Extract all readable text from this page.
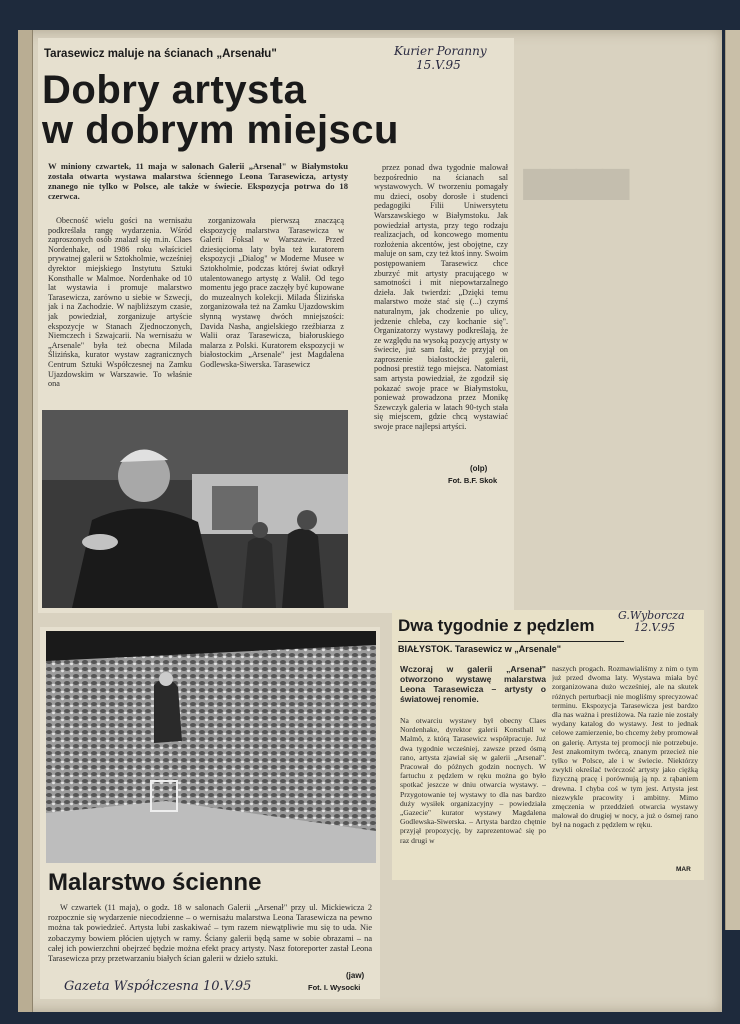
▆▆▆▆
Tarasewicz maluje na ścianach „Arsenału"	Kurier Poranny
15.V.95
Dobry artysta
w dobrym miejscu
W miniony czwartek, 11 maja w salonach Galerii „Arsenał" w Białymstoku została otwarta wystawa malarstwa ściennego Leona Tarasewicza, artysty znanego nie tylko w Polsce, ale także w świecie. Ekspozycja potrwa do 18 czerwca.

Obecność wielu gości na wernisażu podkreślała rangę wydarzenia. Wśród zaproszonych osób znalazł się m.in. Claes Nordenhake, od 1986 roku właściciel prywatnej galerii w Sztokholmie, wcześniej dyrektor miejskiego Instytutu Sztuki Konsthalle w Malmoe. Nordenhake od 10 lat wystawia i promuje malarstwo Tarasewicza, zarówno u siebie w Szwecji, jak i na Zachodzie. W najbliższym czasie, jak powiedział, zorganizuje artyście ekspozycje w Stanach Zjednoczonych, Niemczech i Szwajcarii. Na wernisażu w „Arsenale" była też obecna Milada Ślizińska, kurator wystaw zagranicznych Centrum Sztuki Współczesnej na Zamku Ujazdowskim w Warszawie. To właśnie ona

zorganizowała pierwszą znaczącą ekspozycję malarstwa Tarasewicza w Galerii Foksal w Warszawie. Przed dziesięcioma laty była też kuratorem ekspozycji „Dialog" w Moderne Musee w Sztokholmie, podczas której świat odkrył utalentowanego artystę z Walił. Od tego momentu jego prace zaczęły być kupowane do muzealnych kolekcji. Milada Ślizińska zorganizowała też na Zamku Ujazdowskim słynną wystawę dwóch mniejszości: Davida Nasha, angielskiego rzeźbiarza z Walii oraz Tarasewicza, białoruskiego malarza z Polski. Kuratorem ekspozycji w białostockim „Arsenale" jest Magdalena Godlewska-Siwerska. Tarasewicz

przez ponad dwa tygodnie malował bezpośrednio na ścianach sal wystawowych. W tworzeniu pomagały mu dzieci, osoby dorosłe i studenci pedagogiki Filii Uniwersytetu Warszawskiego w Białymstoku. Jak powiedział artysta, przy tego rodzaju realizacjach, od koncowego momentu rozłożenia akcentów, jest obojętne, czy maluje on sam, czy też ktoś inny. Swoim postępowaniem Tarasewicz chce zburzyć mit artysty pracującego w samotności i mit niepowtarzalnego dzieła. Jak twierdzi: „Dzięki temu malarstwo może stać się (...) czymś naturalnym, jak chodzenie po ulicy, jedzenie chleba, czy kochanie się". Organizatorzy wystawy podkreślają, że ze względu na wysoką pozycję artysty w świecie, już sam fakt, że przyjął on zaproszenie białostockiej galerii, podnosi prestiż tego miejsca. Natomiast sam artysta powiedział, że zgodził się pokazać swoje prace w Białymstoku, ponieważ prowadzona przez Monikę Szewczyk galeria w latach 90-tych stała się miejscem, gdzie chcą wystawiać swoje prace najlepsi artyści.

(olp)
Fot. B.F. Skok
Malarstwo ścienne
W czwartek (11 maja), o godz. 18 w salonach Galerii „Arsenał" przy ul. Mickiewicza 2 rozpocznie się wydarzenie niecodzienne – o wernisażu malarstwa Leona Tarasewicza na pewno można tak powiedzieć. Artysta lubi zaskakiwać – tym razem niewątpliwie mu się to uda. Nie zobaczymy bowiem płócien ujętych w ramy. Ściany galerii będą same w sobie obrazami – na całej ich powierzchni obejrzeć będzie można efekt pracy artysty. Nasz fotoreporter zastał Leona Tarasewicza przy przetwarzaniu białych ścian galerii w dzieło sztuki.
(jaw)
Fot. I. Wysocki
Gazeta Współczesna 10.V.95
Dwa tygodnie z pędzlem
G.Wyborcza
12.V.95
BIAŁYSTOK. Tarasewicz w „Arsenale"
Wczoraj w galerii „Arsenał" otworzono wystawę malarstwa Leona Tarasewicza – artysty o światowej renomie.
Na otwarciu wystawy był obecny Claes Nordenhake, dyrektor galerii Konsthall w Malmö, z którą Tarasewicz współpracuje. Już dwa tygodnie wcześniej, zawsze przed ósmą rano, artysta zjawiał się w galerii „Arsenał". Pracował do późnych godzin nocnych. W fartuchu z pędzlem w ręku można go było spotkać jeszcze w dniu otwarcia wystawy. – Przygotowanie tej wystawy to dla nas bardzo duży wysiłek organizacyjny – powiedziała „Gazecie" kurator wystawy Magdalena Godlewska-Siwerska. – Artysta bardzo chętnie przyjął propozycję, by zaprezentować się po raz drugi w
naszych progach. Rozmawialiśmy z nim o tym już przed dwoma laty. Wystawa miała być zorganizowana dużo wcześniej, ale na skutek różnych perturbacji nie mogliśmy sprecyzować terminu. Ekspozycja Tarasewicza jest bardzo dla nas ważna i prestiżowa. Na razie nie zostały wydany katalog do wystawy. Jest to jednak celowe zamierzenie, bo chcemy żeby promował on galerię. Artysta tej promocji nie potrzebuje. Jest znakomitym twórcą, znanym przecież nie tylko w Polsce, ale i w świecie. Niektórzy zwykli określać twórczość artysty jako ciężką fizyczną pracę i porównują ją np. z rąbaniem drewna. I chyba coś w tym jest. Artysta jest niezwykle pracowity i ambitny. Mimo zmęczenia w przeddzień otwarcia wystawy malował do drugiej w nocy, a już o ósmej rano był na nogach z pędzlem w ręku.
MAR
